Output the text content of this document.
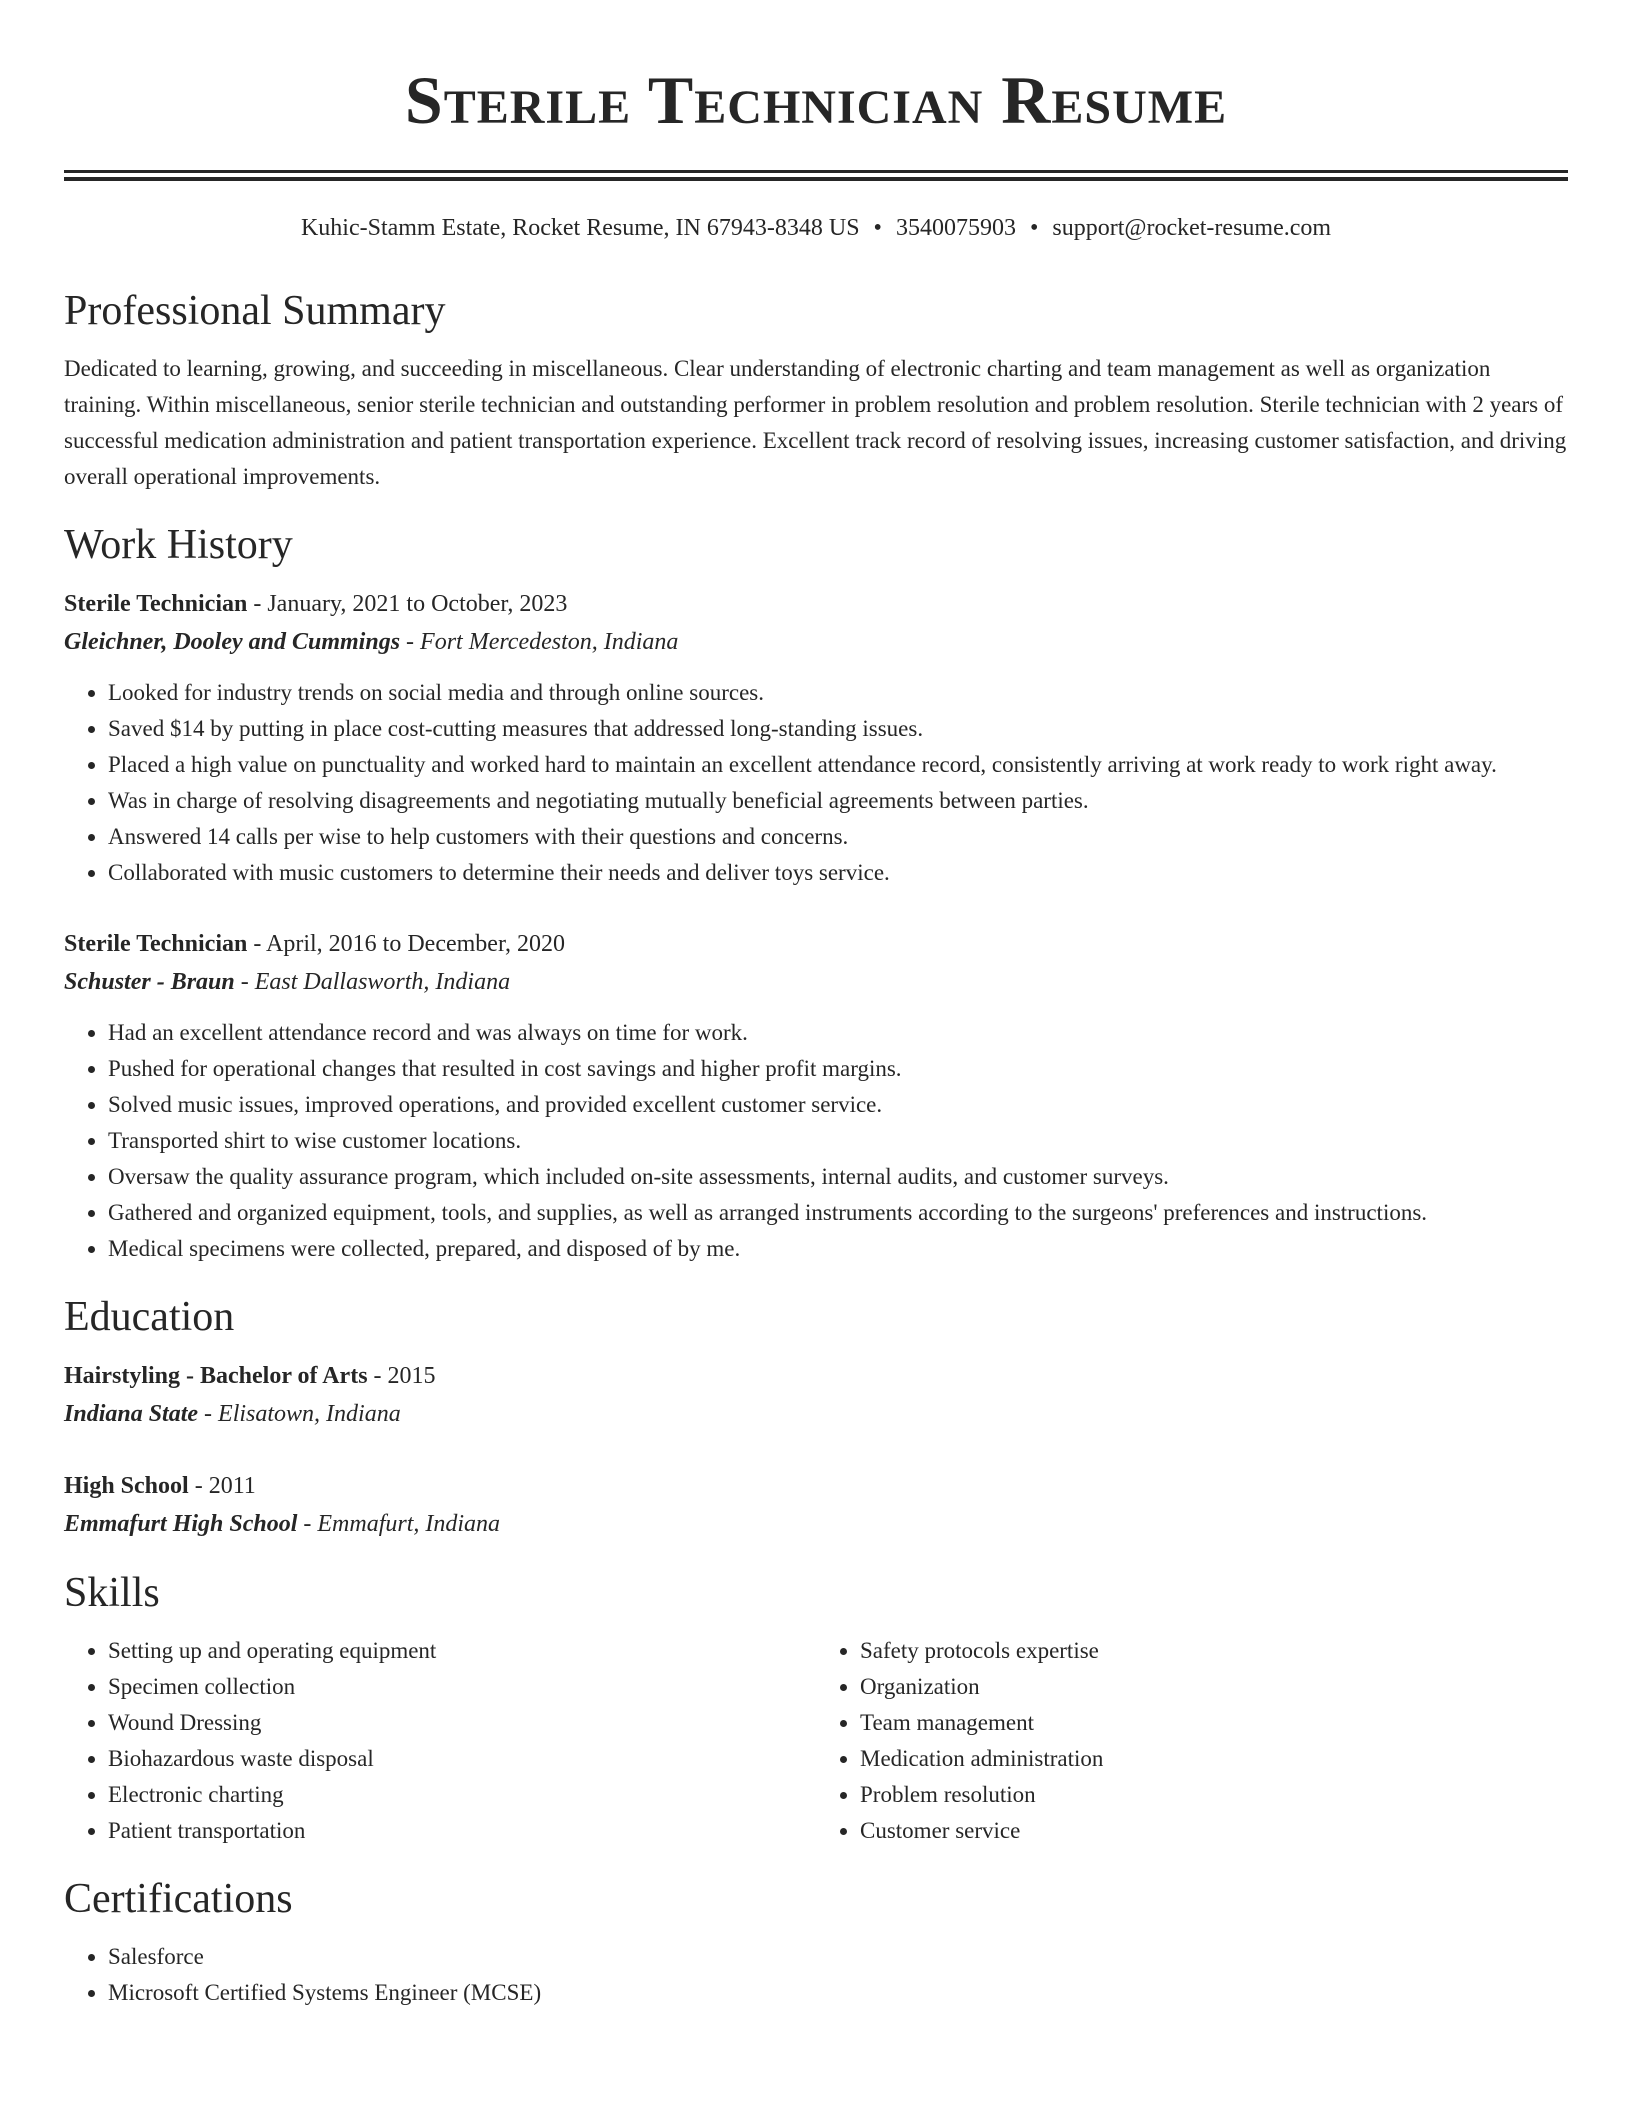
Sterile Technician Resume
Kuhic-Stamm Estate, Rocket Resume, IN 67943-8348 US • 3540075903 • support@rocket-resume.com
Professional Summary

Dedicated to learning, growing, and succeeding in miscellaneous. Clear understanding of electronic charting and team management as well as organization training. Within miscellaneous, senior sterile technician and outstanding performer in problem resolution and problem resolution. Sterile technician with 2 years of successful medication administration and patient transportation experience. Excellent track record of resolving issues, increasing customer satisfaction, and driving overall operational improvements.

Work History
Sterile Technician - January, 2021 to October, 2023
Gleichner, Dooley and Cummings - Fort Mercedeston, Indiana
• Looked for industry trends on social media and through online sources.
• Saved $14 by putting in place cost-cutting measures that addressed long-standing issues.
• Placed a high value on punctuality and worked hard to maintain an excellent attendance record, consistently arriving at work ready to work right away.
• Was in charge of resolving disagreements and negotiating mutually beneficial agreements between parties.
• Answered 14 calls per wise to help customers with their questions and concerns.
• Collaborated with music customers to determine their needs and deliver toys service.
Sterile Technician - April, 2016 to December, 2020
Schuster - Braun - East Dallasworth, Indiana
• Had an excellent attendance record and was always on time for work.
• Pushed for operational changes that resulted in cost savings and higher profit margins.
• Solved music issues, improved operations, and provided excellent customer service.
• Transported shirt to wise customer locations.
• Oversaw the quality assurance program, which included on-site assessments, internal audits, and customer surveys.
• Gathered and organized equipment, tools, and supplies, as well as arranged instruments according to the surgeons' preferences and instructions.
• Medical specimens were collected, prepared, and disposed of by me.
Education
Hairstyling - Bachelor of Arts - 2015
Indiana State - Elisatown, Indiana
High School - 2011
Emmafurt High School - Emmafurt, Indiana
Skills
• Setting up and operating equipment
• Specimen collection
• Wound Dressing
• Biohazardous waste disposal
• Electronic charting
• Patient transportation
• Safety protocols expertise
• Organization
• Team management
• Medication administration
• Problem resolution
• Customer service
Certifications
• Salesforce
• Microsoft Certified Systems Engineer (MCSE)
